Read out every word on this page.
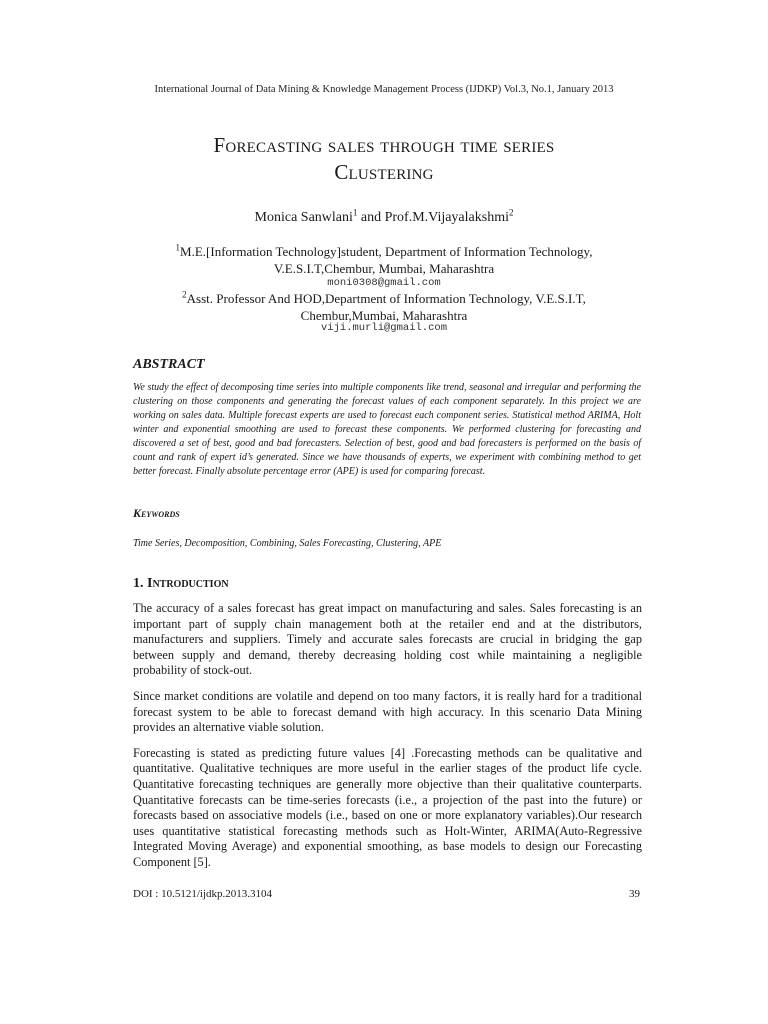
International Journal of Data Mining & Knowledge Management Process (IJDKP) Vol.3, No.1, January 2013
Forecasting sales through time series
Clustering
Monica Sanwlani$^1$ and Prof.M.Vijayalakshmi$^2$
$^1$M.E.[Information Technology]student, Department of Information Technology,
V.E.S.I.T,Chembur, Mumbai, Maharashtra
moni0308@gmail.com
$^2$Asst. Professor And HOD,Department of Information Technology, V.E.S.I.T,
Chembur,Mumbai, Maharashtra
viji.murli@gmail.com
ABSTRACT
We study the effect of decomposing time series into multiple components like trend, seasonal and irregular and performing the clustering on those components and generating the forecast values of each component separately. In this project we are working on sales data. Multiple forecast experts are used to forecast each component series. Statistical method ARIMA, Holt winter and exponential smoothing are used to forecast these components. We performed clustering for forecasting and discovered a set of best, good and bad forecasters. Selection of best, good and bad forecasters is performed on the basis of count and rank of expert id’s generated. Since we have thousands of experts, we experiment with combining method to get better forecast. Finally absolute percentage error (APE) is used for comparing forecast.
Keywords
Time Series, Decomposition, Combining, Sales Forecasting, Clustering, APE
1. Introduction

The accuracy of a sales forecast has great impact on manufacturing and sales. Sales forecasting is an important part of supply chain management both at the retailer end and at the distributors, manufacturers and suppliers. Timely and accurate sales forecasts are crucial in bridging the gap between supply and demand, thereby decreasing holding cost while maintaining a negligible probability of stock-out.

Since market conditions are volatile and depend on too many factors, it is really hard for a traditional forecast system to be able to forecast demand with high accuracy. In this scenario Data Mining provides an alternative viable solution.

Forecasting is stated as predicting future values [4] .Forecasting methods can be qualitative and quantitative. Qualitative techniques are more useful in the earlier stages of the product life cycle. Quantitative forecasting techniques are generally more objective than their qualitative counterparts. Quantitative forecasts can be time-series forecasts (i.e., a projection of the past into the future) or forecasts based on associative models (i.e., based on one or more explanatory variables).Our research uses quantitative statistical forecasting methods such as Holt-Winter, ARIMA(Auto-Regressive Integrated Moving Average) and exponential smoothing, as base models to design our Forecasting Component [5].

DOI : 10.5121/ijdkp.2013.3104	39
